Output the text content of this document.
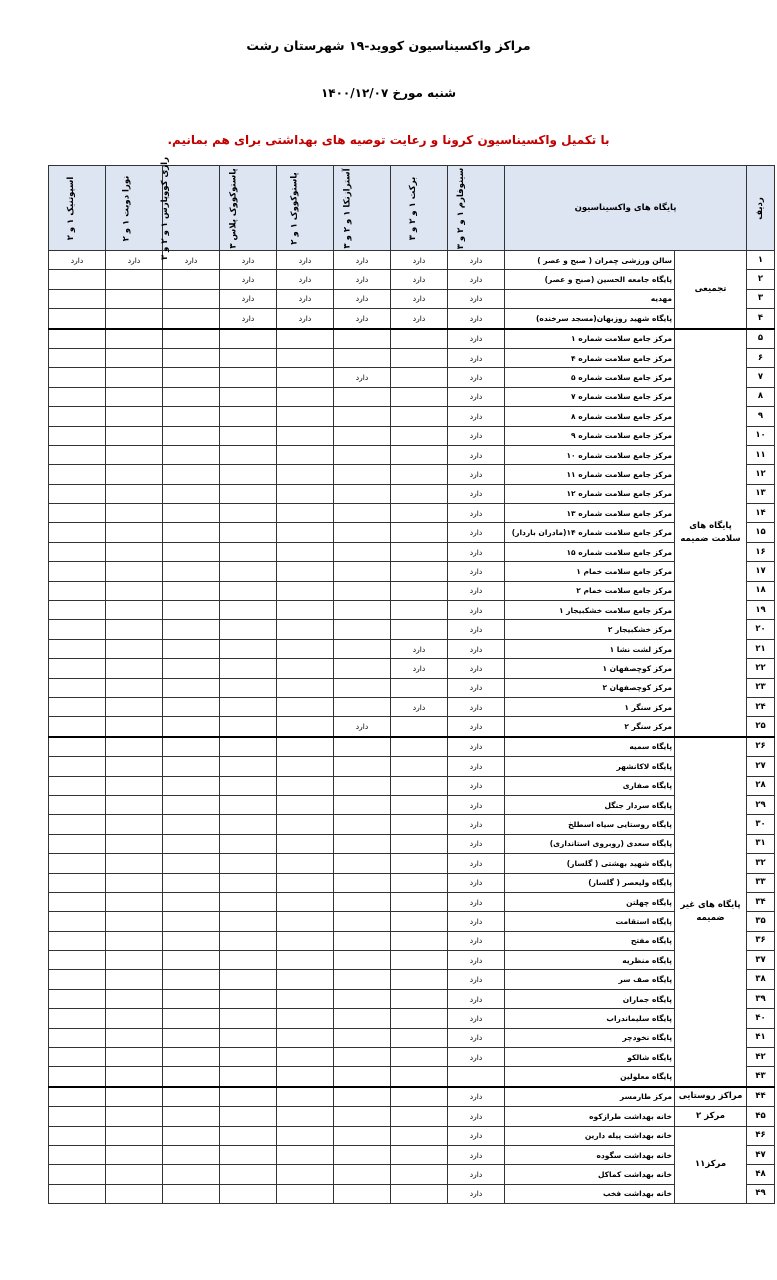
مراکز واکسیناسیون کووید-۱۹ شهرستان رشت
شنبه مورخ ۱۴۰۰/۱۲/۰۷
با تکمیل واکسیناسیون کرونا و رعایت توصیه های بهداشتی برای هم بمانیم.
ردیف	پایگاه های واکسیناسیون		سینوفارم ۱ و ۲ و ۳	برکت ۱ و ۲ و ۳	آسترازنکا ۱ و ۲ و ۳	پاستوکووک ۱ و ۲	پاستوکووک پلاس ۳	رازی کووپارس ۱ و ۲ و ۳	نورا دوبت ۱ و ۲	اسپوتنیک ۱ و ۲
۱	تجمیعی	سالن ورزشی چمران ( صبح و عصر )	دارد	دارد	دارد	دارد	دارد	دارد	دارد	دارد
۲		پایگاه جامعه الحسین (صبح و عصر)	دارد	دارد	دارد	دارد	دارد			
۳		مهدیه	دارد	دارد	دارد	دارد	دارد			
۴		پایگاه شهید روزبهان(مسجد سرخنده)	دارد	دارد	دارد	دارد	دارد			
۵	پایگاه های سلامت ضمیمه	مرکز جامع سلامت شماره ۱	دارد							
۶		مرکز جامع سلامت شماره ۴	دارد							
۷		مرکز جامع سلامت شماره ۵	دارد		دارد					
۸		مرکز جامع سلامت شماره ۷	دارد							
۹		مرکز جامع سلامت شماره ۸	دارد							
۱۰		مرکز جامع سلامت شماره ۹	دارد							
۱۱		مرکز جامع سلامت شماره ۱۰	دارد							
۱۲		مرکز جامع سلامت شماره ۱۱	دارد							
۱۳		مرکز جامع سلامت شماره ۱۲	دارد							
۱۴		مرکز جامع سلامت شماره ۱۳	دارد							
۱۵		مرکز جامع سلامت شماره ۱۴(مادران باردار)	دارد							
۱۶		مرکز جامع سلامت شماره ۱۵	دارد							
۱۷		مرکز جامع سلامت خمام ۱	دارد							
۱۸		مرکز جامع سلامت خمام ۲	دارد							
۱۹		مرکز جامع سلامت خشکبیجار ۱	دارد							
۲۰		مرکز خشکبیجار ۲	دارد							
۲۱		مرکز لشت نشا ۱	دارد	دارد						
۲۲		مرکز کوچصفهان ۱	دارد	دارد						
۲۳		مرکز کوچصفهان ۲	دارد							
۲۴		مرکز سنگر ۱	دارد	دارد						
۲۵		مرکز سنگر ۲	دارد		دارد					
۲۶	پایگاه های غیر ضمیمه	پایگاه سمیه	دارد							
۲۷		پایگاه لاکانشهر	دارد							
۲۸		پایگاه صفاری	دارد							
۲۹		پایگاه سردار جنگل	دارد							
۳۰		پایگاه روستایی سیاه اسطلخ	دارد							
۳۱		پایگاه سعدی (روبروی استانداری)	دارد							
۳۲		پایگاه شهید بهشتی ( گلسار)	دارد							
۳۳		پایگاه ولیعصر ( گلسار)	دارد							
۳۴		پایگاه چهلتن	دارد							
۳۵		پایگاه استقامت	دارد							
۳۶		پایگاه مفتح	دارد							
۳۷		پایگاه منظریه	دارد							
۳۸		پایگاه صف سر	دارد							
۳۹		پایگاه جماران	دارد							
۴۰		پایگاه سلیماندراب	دارد							
۴۱		پایگاه نخودچر	دارد							
۴۲		پایگاه شالکو	دارد							
۴۳		پایگاه معلولین								
۴۴	مراکز روستایی	مرکز طارمسر	دارد							
۴۵	مرکز ۲	خانه بهداشت طرازکوه	دارد							
۴۶	مرکز۱۱	خانه بهداشت پیله دارین	دارد							
۴۷		خانه بهداشت سگوده	دارد							
۴۸		خانه بهداشت کماکل	دارد							
۴۹		خانه بهداشت فخب	دارد							
